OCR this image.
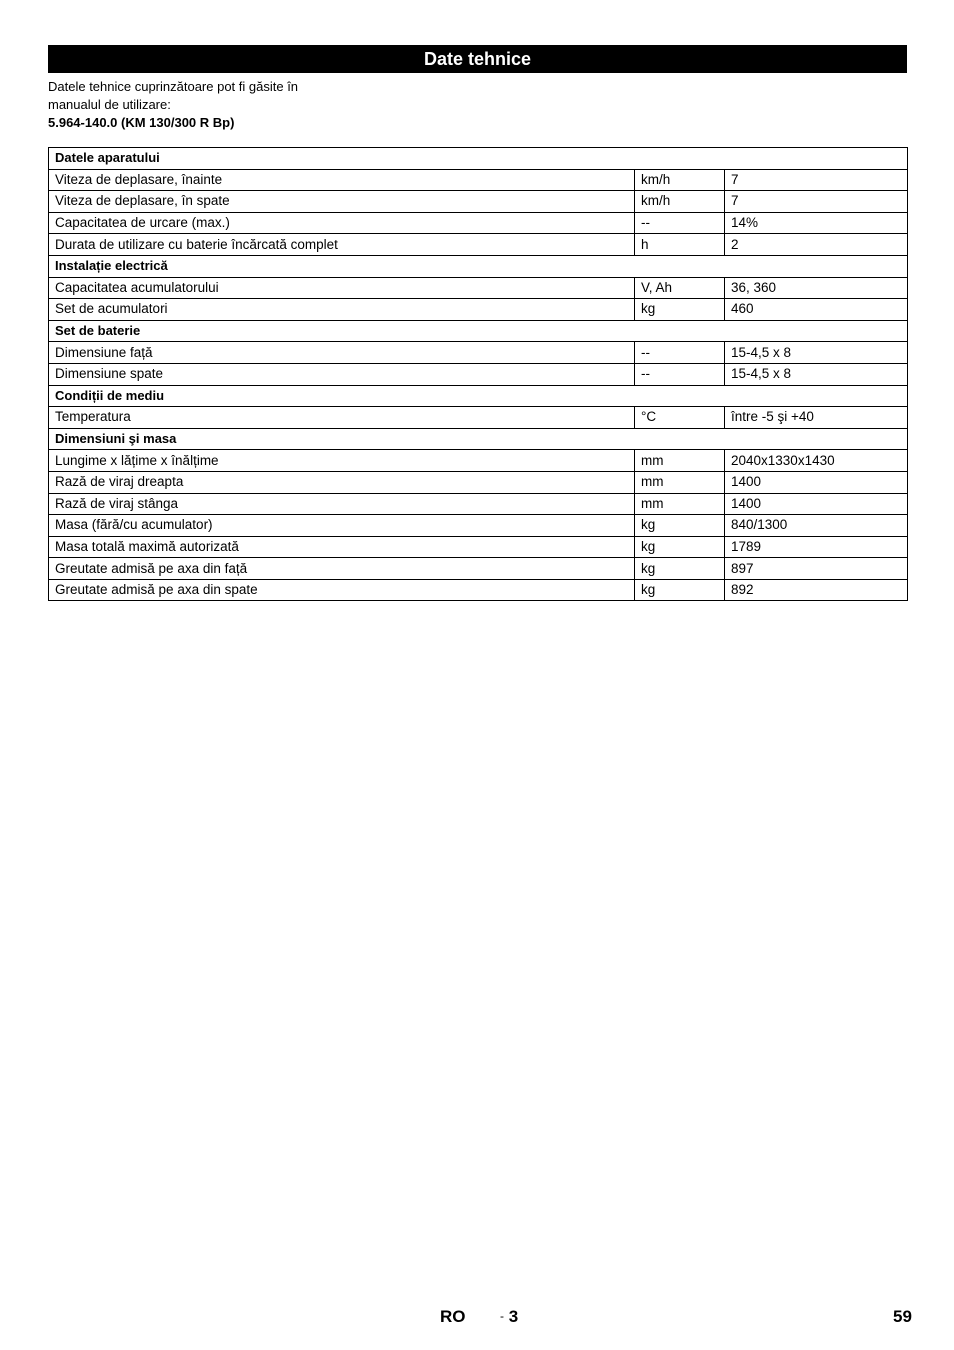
Date tehnice
Datele tehnice cuprinzătoare pot fi găsite în
manualul de utilizare:
5.964-140.0 (KM 130/300 R Bp)
Datele aparatului		
Viteza de deplasare, înainte	km/h	7
Viteza de deplasare, în spate	km/h	7
Capacitatea de urcare (max.)	--	14%
Durata de utilizare cu baterie încărcată complet	h	2
Instalație electrică		
Capacitatea acumulatorului	V, Ah	36, 360
Set de acumulatori	kg	460
Set de baterie		
Dimensiune față	--	15-4,5 x 8
Dimensiune spate	--	15-4,5 x 8
Condiții de mediu		
Temperatura	°C	între -5 şi +40
Dimensiuni şi masa		
Lungime x lățime x înălțime	mm	2040x1330x1430
Rază de viraj dreapta	mm	1400
Rază de viraj stânga	mm	1400
Masa (fără/cu acumulator)	kg	840/1300
Masa totală maximă autorizată	kg	1789
Greutate admisă pe axa din față	kg	897
Greutate admisă pe axa din spate	kg	892
RO	- 3	59
